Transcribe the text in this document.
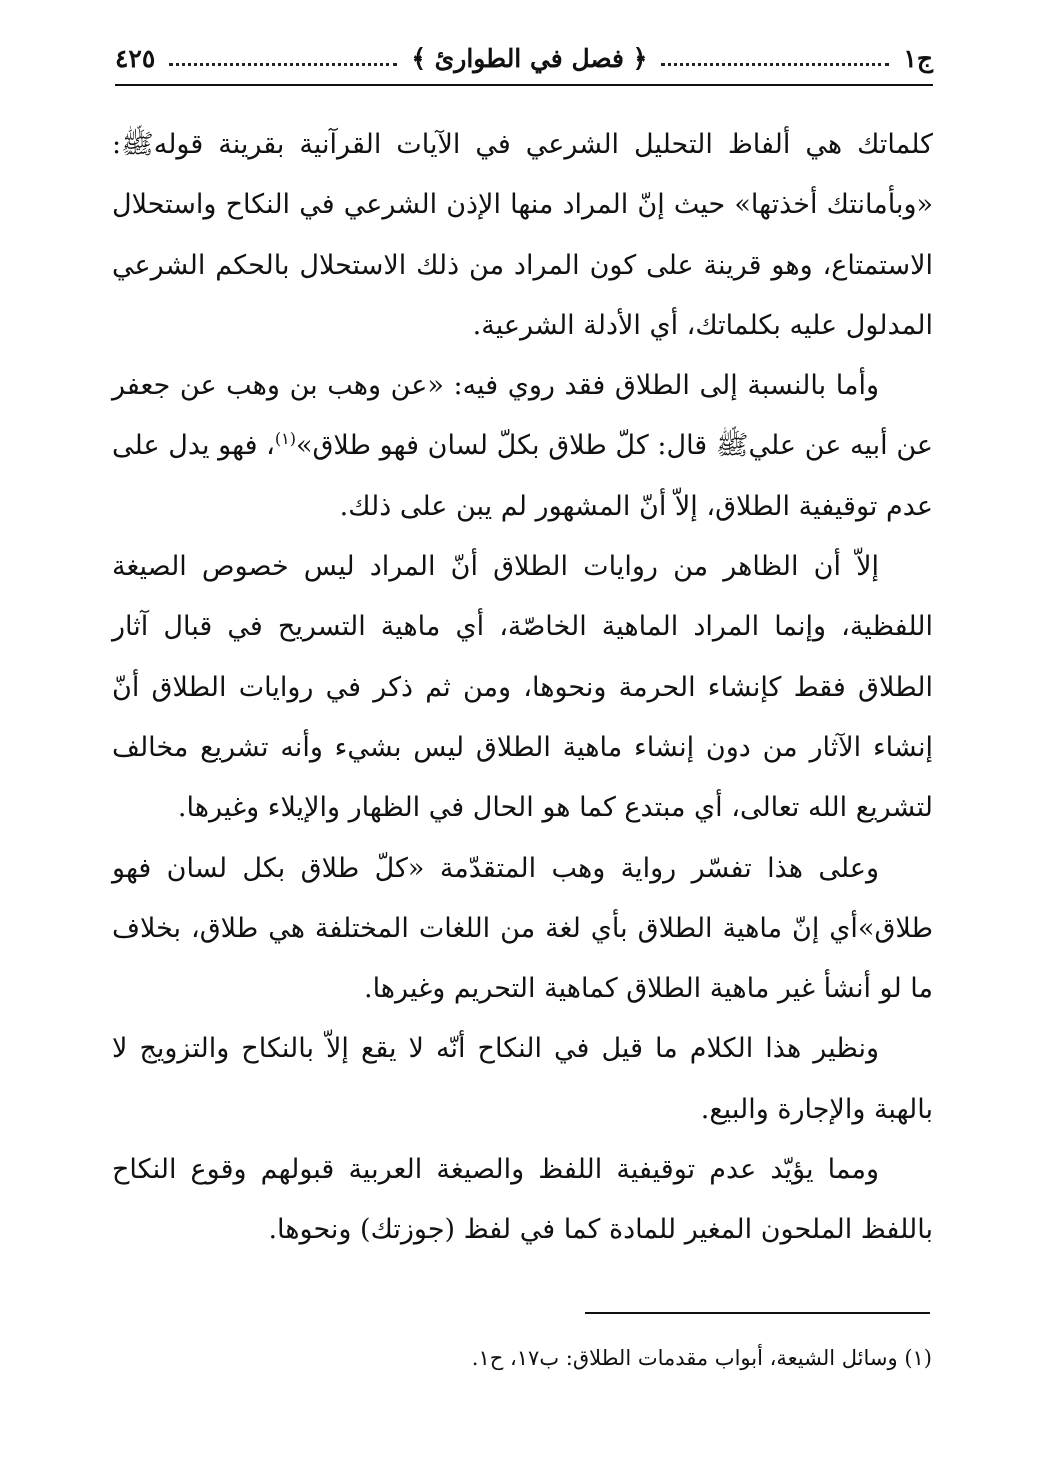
ج١
﴿ فصل في الطوارئ ﴾
٤٢٥

كلماتك هي ألفاظ التحليل الشرعي في الآيات القرآنية بقرينة قولهﷺ: «وبأمانتك أخذتها» حيث إنّ المراد منها الإذن الشرعي في النكاح واستحلال الاستمتاع، وهو قرينة على كون المراد من ذلك الاستحلال بالحكم الشرعي المدلول عليه بكلماتك، أي الأدلة الشرعية.

وأما بالنسبة إلى الطلاق فقد روي فيه: «عن وهب بن وهب عن جعفر عن أبيه عن عليﷺ قال: كلّ طلاق بكلّ لسان فهو طلاق»$^{(١)}$، فهو يدل على عدم توقيفية الطلاق، إلاّ أنّ المشهور لم يبن على ذلك.

إلاّ أن الظاهر من روايات الطلاق أنّ المراد ليس خصوص الصيغة اللفظية، وإنما المراد الماهية الخاصّة، أي ماهية التسريح في قبال آثار الطلاق فقط كإنشاء الحرمة ونحوها، ومن ثم ذكر في روايات الطلاق أنّ إنشاء الآثار من دون إنشاء ماهية الطلاق ليس بشيء وأنه تشريع مخالف لتشريع الله تعالى، أي مبتدع كما هو الحال في الظهار والإيلاء وغيرها.

وعلى هذا تفسّر رواية وهب المتقدّمة «كلّ طلاق بكل لسان فهو طلاق»أي إنّ ماهية الطلاق بأي لغة من اللغات المختلفة هي طلاق، بخلاف ما لو أنشأ غير ماهية الطلاق كماهية التحريم وغيرها.

ونظير هذا الكلام ما قيل في النكاح أنّه لا يقع إلاّ بالنكاح والتزويج لا بالهبة والإجارة والبيع.

ومما يؤيّد عدم توقيفية اللفظ والصيغة العربية قبولهم وقوع النكاح باللفظ الملحون المغير للمادة كما في لفظ (جوزتك) ونحوها.

(١) وسائل الشيعة، أبواب مقدمات الطلاق: ب١٧، ح١.
